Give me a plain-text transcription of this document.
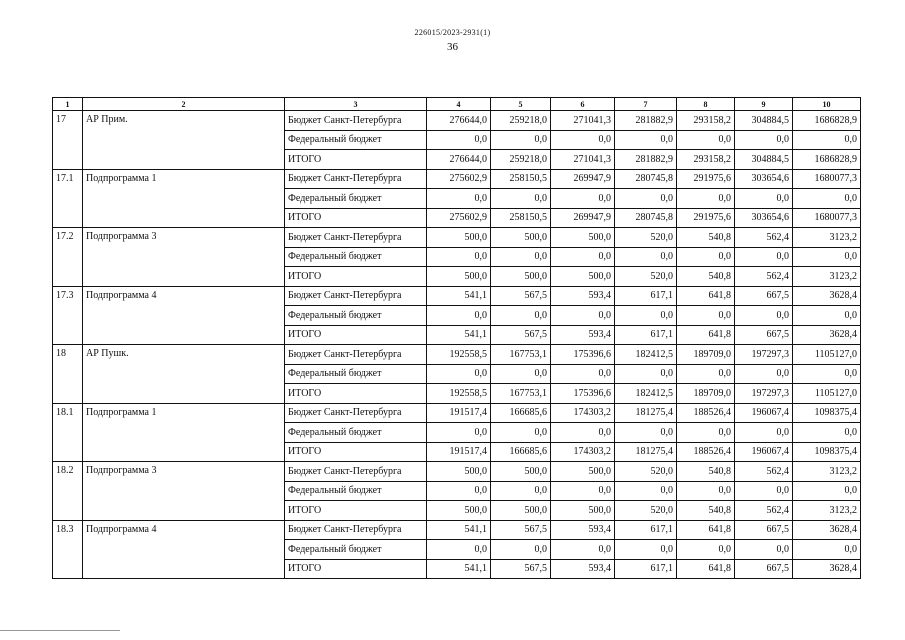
226015/2023-2931(1)
36
1	2	3	4	5	6	7	8	9	10
17	АР Прим.	Бюджет Санкт-Петербурга	276644,0	259218,0	271041,3	281882,9	293158,2	304884,5	1686828,9
		Федеральный бюджет	0,0	0,0	0,0	0,0	0,0	0,0	0,0
		ИТОГО	276644,0	259218,0	271041,3	281882,9	293158,2	304884,5	1686828,9
17.1	Подпрограмма 1	Бюджет Санкт-Петербурга	275602,9	258150,5	269947,9	280745,8	291975,6	303654,6	1680077,3
		Федеральный бюджет	0,0	0,0	0,0	0,0	0,0	0,0	0,0
		ИТОГО	275602,9	258150,5	269947,9	280745,8	291975,6	303654,6	1680077,3
17.2	Подпрограмма 3	Бюджет Санкт-Петербурга	500,0	500,0	500,0	520,0	540,8	562,4	3123,2
		Федеральный бюджет	0,0	0,0	0,0	0,0	0,0	0,0	0,0
		ИТОГО	500,0	500,0	500,0	520,0	540,8	562,4	3123,2
17.3	Подпрограмма 4	Бюджет Санкт-Петербурга	541,1	567,5	593,4	617,1	641,8	667,5	3628,4
		Федеральный бюджет	0,0	0,0	0,0	0,0	0,0	0,0	0,0
		ИТОГО	541,1	567,5	593,4	617,1	641,8	667,5	3628,4
18	АР Пушк.	Бюджет Санкт-Петербурга	192558,5	167753,1	175396,6	182412,5	189709,0	197297,3	1105127,0
		Федеральный бюджет	0,0	0,0	0,0	0,0	0,0	0,0	0,0
		ИТОГО	192558,5	167753,1	175396,6	182412,5	189709,0	197297,3	1105127,0
18.1	Подпрограмма 1	Бюджет Санкт-Петербурга	191517,4	166685,6	174303,2	181275,4	188526,4	196067,4	1098375,4
		Федеральный бюджет	0,0	0,0	0,0	0,0	0,0	0,0	0,0
		ИТОГО	191517,4	166685,6	174303,2	181275,4	188526,4	196067,4	1098375,4
18.2	Подпрограмма 3	Бюджет Санкт-Петербурга	500,0	500,0	500,0	520,0	540,8	562,4	3123,2
		Федеральный бюджет	0,0	0,0	0,0	0,0	0,0	0,0	0,0
		ИТОГО	500,0	500,0	500,0	520,0	540,8	562,4	3123,2
18.3	Подпрограмма 4	Бюджет Санкт-Петербурга	541,1	567,5	593,4	617,1	641,8	667,5	3628,4
		Федеральный бюджет	0,0	0,0	0,0	0,0	0,0	0,0	0,0
		ИТОГО	541,1	567,5	593,4	617,1	641,8	667,5	3628,4
